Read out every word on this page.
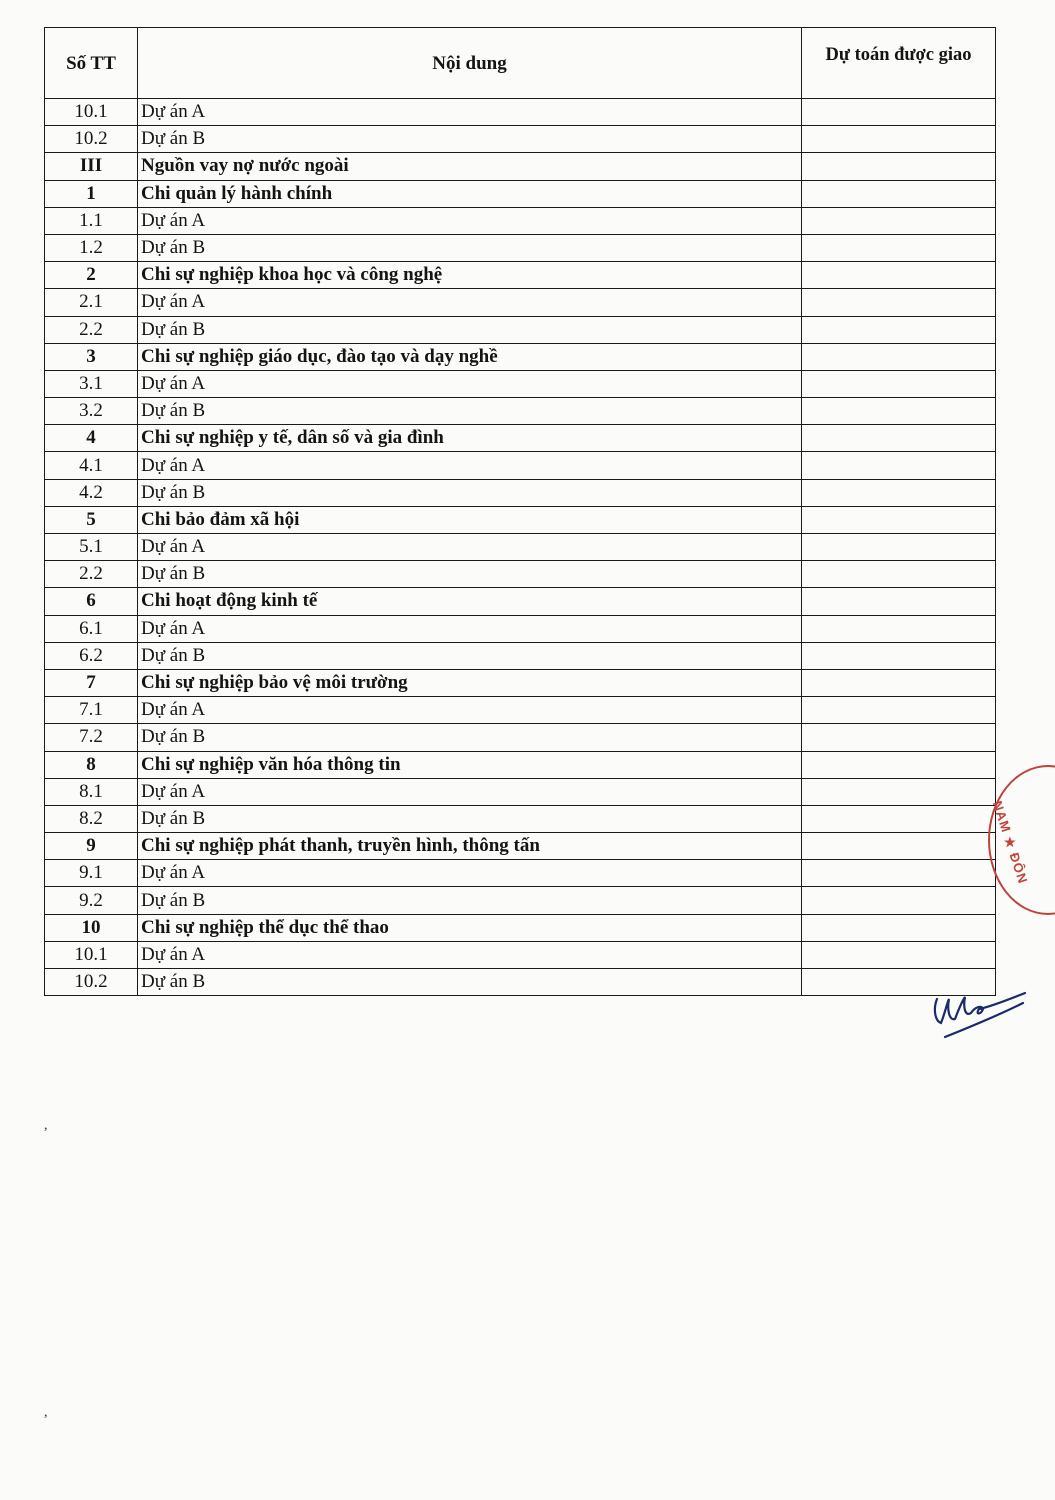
Số TT	Nội dung	Dự toán được giao
10.1	Dự án A	
10.2	Dự án B	
III	Nguồn vay nợ nước ngoài	
1	Chi quản lý hành chính	
1.1	Dự án A	
1.2	Dự án B	
2	Chi sự nghiệp khoa học và công nghệ	
2.1	Dự án A	
2.2	Dự án B	
3	Chi sự nghiệp giáo dục, đào tạo và dạy nghề	
3.1	Dự án A	
3.2	Dự án B	
4	Chi sự nghiệp y tế, dân số và gia đình	
4.1	Dự án A	
4.2	Dự án B	
5	Chi bảo đảm xã hội	
5.1	Dự án A	
2.2	Dự án B	
6	Chi hoạt động kinh tế	
6.1	Dự án A	
6.2	Dự án B	
7	Chi sự nghiệp bảo vệ môi trường	
7.1	Dự án A	
7.2	Dự án B	
8	Chi sự nghiệp văn hóa thông tin	
8.1	Dự án A	
8.2	Dự án B	
9	Chi sự nghiệp phát thanh, truyền hình, thông tấn	
9.1	Dự án A	
9.2	Dự án B	
10	Chi sự nghiệp thể dục thể thao	
10.1	Dự án A	
10.2	Dự án B	
NAM ★ ĐÔN
,
,
